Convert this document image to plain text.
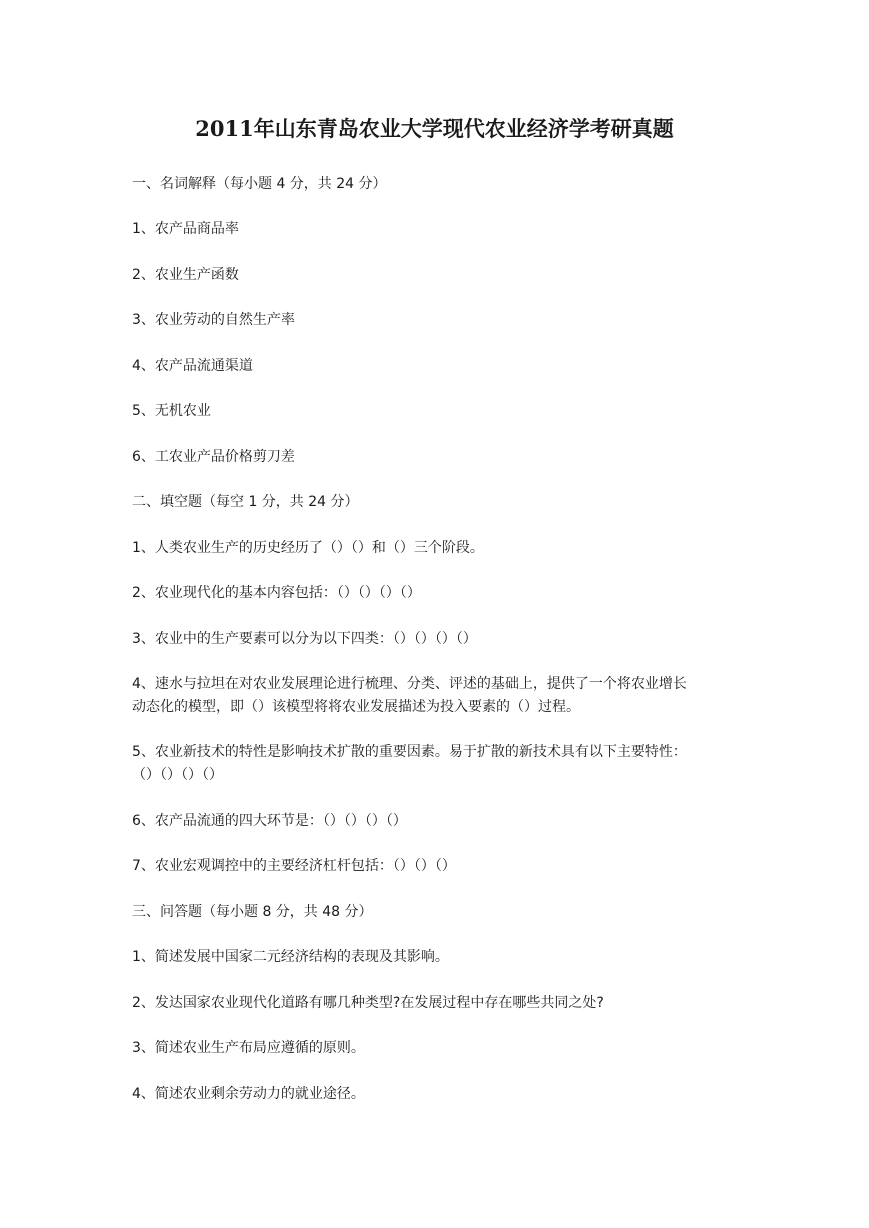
2011年山东青岛农业大学现代农业经济学考研真题
一、名词解释（每小题 4 分，共 24 分）
1、农产品商品率
2、农业生产函数
3、农业劳动的自然生产率
4、农产品流通渠道
5、无机农业
6、工农业产品价格剪刀差
二、填空题（每空 1 分，共 24 分）
1、人类农业生产的历史经历了（）（）和（）三个阶段。
2、农业现代化的基本内容包括：（）（）（）（）
3、农业中的生产要素可以分为以下四类：（）（）（）（）
4、速水与拉坦在对农业发展理论进行梳理、分类、评述的基础上，提供了一个将农业增长
动态化的模型，即（）该模型将将农业发展描述为投入要素的（）过程。
5、农业新技术的特性是影响技术扩散的重要因素。易于扩散的新技术具有以下主要特性：
（）（）（）（）
6、农产品流通的四大环节是：（）（）（）（）
7、农业宏观调控中的主要经济杠杆包括：（）（）（）
三、问答题（每小题 8 分，共 48 分）
1、简述发展中国家二元经济结构的表现及其影响。
2、发达国家农业现代化道路有哪几种类型?在发展过程中存在哪些共同之处?
3、简述农业生产布局应遵循的原则。
4、简述农业剩余劳动力的就业途径。
